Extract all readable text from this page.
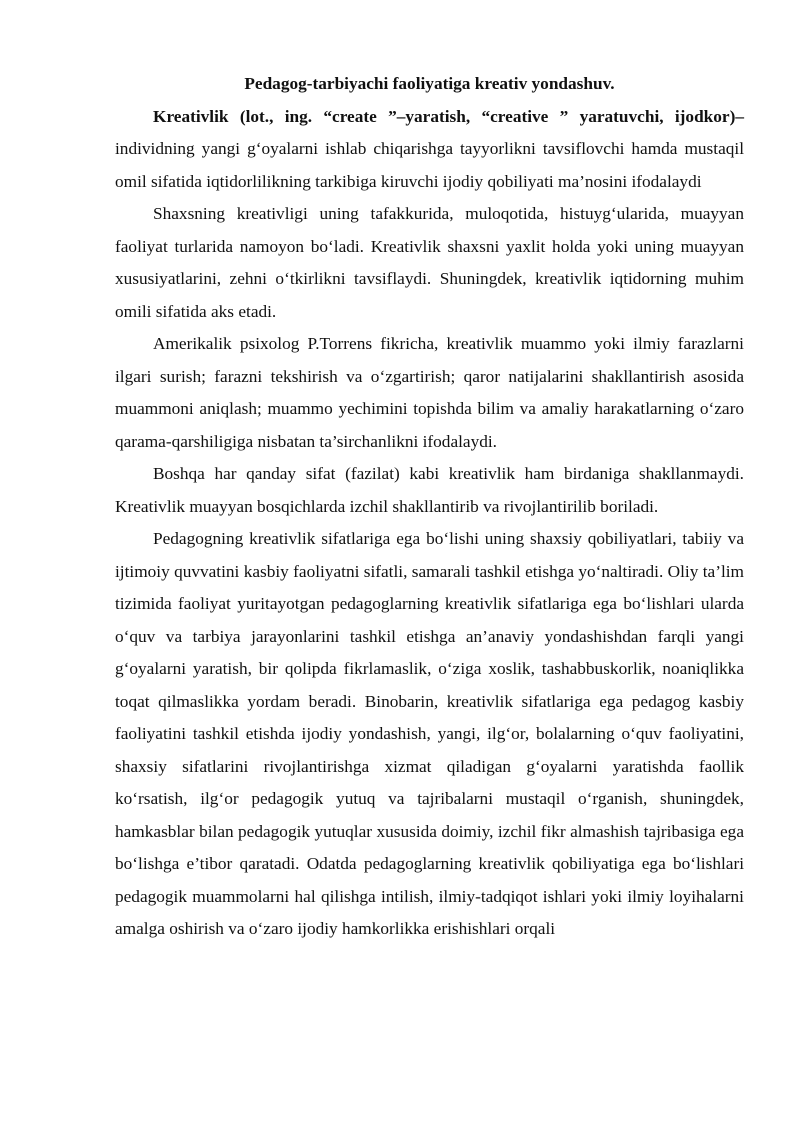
Pedagog-tarbiyachi faoliyatiga kreativ yondashuv.

Kreativlik (lot., ing. “create ”–yaratish, “creative ” yaratuvchi, ijodkor)– individning yangi g‘oyalarni ishlab chiqarishga tayyorlikni tavsiflovchi hamda mustaqil omil sifatida iqtidorlilikning tarkibiga kiruvchi ijodiy qobiliyati ma’nosini ifodalaydi

Shaxsning kreativligi uning tafakkurida, muloqotida, histuyg‘ularida, muayyan faoliyat turlarida namoyon bo‘ladi. Kreativlik shaxsni yaxlit holda yoki uning muayyan xususiyatlarini, zehni o‘tkirlikni tavsiflaydi. Shuningdek, kreativlik iqtidorning muhim omili sifatida aks etadi.

Amerikalik psixolog P.Torrens fikricha, kreativlik muammo yoki ilmiy farazlarni ilgari surish; farazni tekshirish va o‘zgartirish; qaror natijalarini shakllantirish asosida muammoni aniqlash; muammo yechimini topishda bilim va amaliy harakatlarning o‘zaro qarama-qarshiligiga nisbatan ta’sirchanlikni ifodalaydi.

Boshqa har qanday sifat (fazilat) kabi kreativlik ham birdaniga shakllanmaydi. Kreativlik muayyan bosqichlarda izchil shakllantirib va rivojlantirilib boriladi.

Pedagogning kreativlik sifatlariga ega bo‘lishi uning shaxsiy qobiliyatlari, tabiiy va ijtimoiy quvvatini kasbiy faoliyatni sifatli, samarali tashkil etishga yo‘naltiradi. Oliy ta’lim tizimida faoliyat yuritayotgan pedagoglarning kreativlik sifatlariga ega bo‘lishlari ularda o‘quv va tarbiya jarayonlarini tashkil etishga an’anaviy yondashishdan farqli yangi g‘oyalarni yaratish, bir qolipda fikrlamaslik, o‘ziga xoslik, tashabbuskorlik, noaniqlikka toqat qilmaslikka yordam beradi. Binobarin, kreativlik sifatlariga ega pedagog kasbiy faoliyatini tashkil etishda ijodiy yondashish, yangi, ilg‘or, bolalarning o‘quv faoliyatini, shaxsiy sifatlarini rivojlantirishga xizmat qiladigan g‘oyalarni yaratishda faollik ko‘rsatish, ilg‘or pedagogik yutuq va tajribalarni mustaqil o‘rganish, shuningdek, hamkasblar bilan pedagogik yutuqlar xususida doimiy, izchil fikr almashish tajribasiga ega bo‘lishga e’tibor qaratadi. Odatda pedagoglarning kreativlik qobiliyatiga ega bo‘lishlari pedagogik muammolarni hal qilishga intilish, ilmiy-tadqiqot ishlari yoki ilmiy loyihalarni amalga oshirish va o‘zaro ijodiy hamkorlikka erishishlari orqali
